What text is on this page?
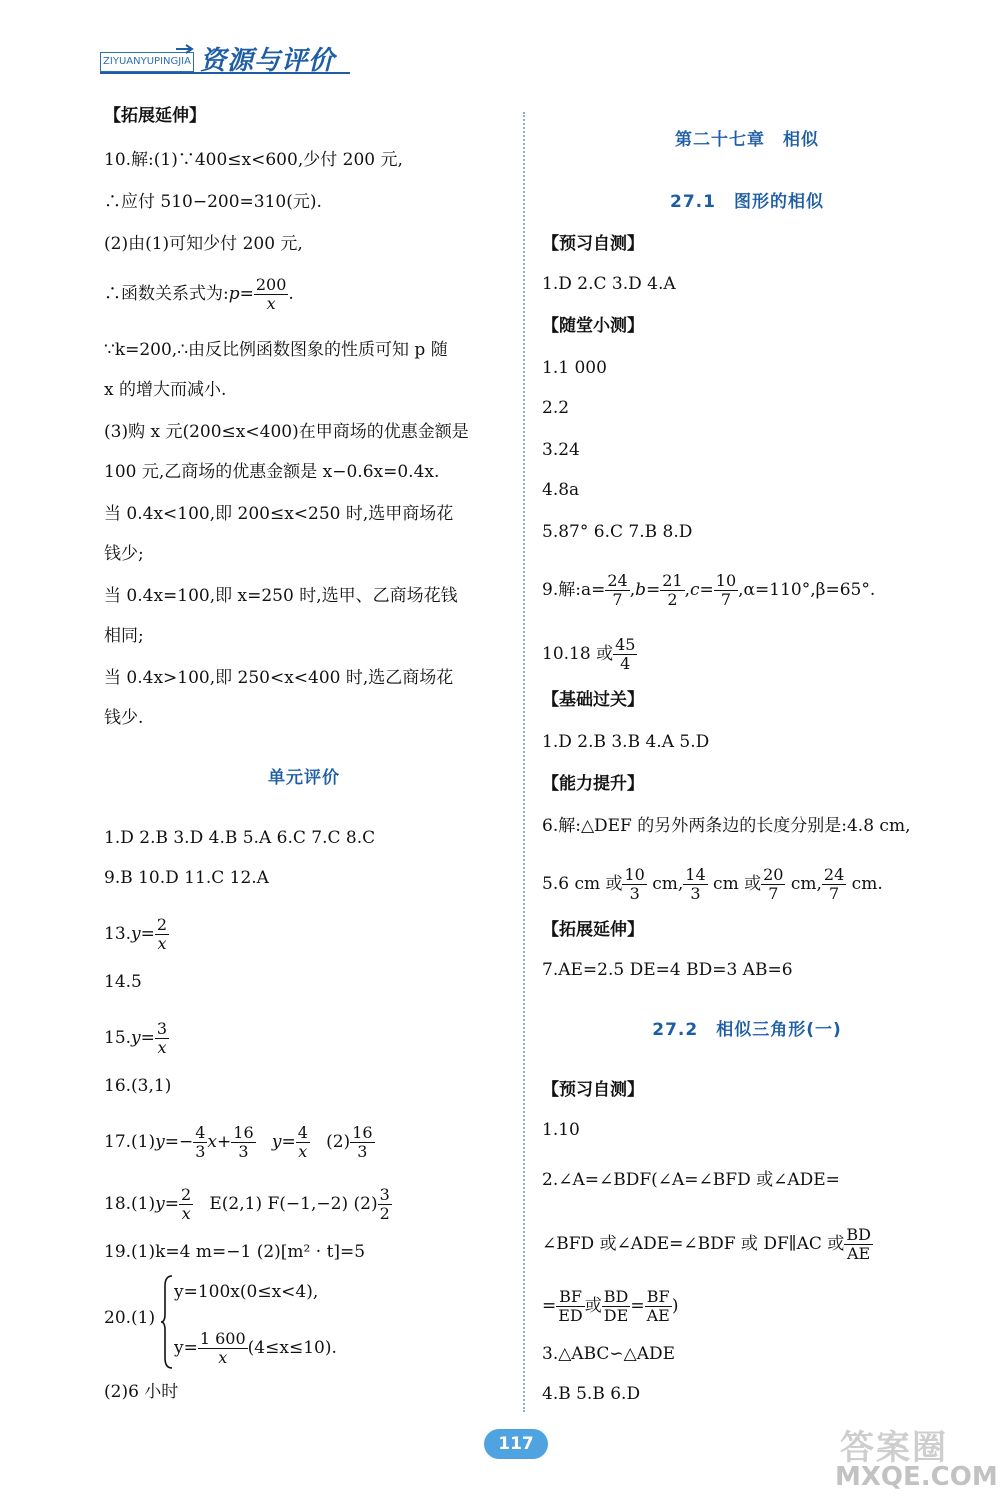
ZIYUANYUPINGJIA 资源与评价
【拓展延伸】
10.解:(1)∵400≤x<600,少付 200 元,
∴应付 510−200=310(元).
(2)由(1)可知少付 200 元,
∴函数关系式为:p= $\frac{200}{x}$ .
∵k=200,∴由反比例函数图象的性质可知 p 随
x 的增大而减小.
(3)购 x 元(200≤x<400)在甲商场的优惠金额是
100 元,乙商场的优惠金额是 x−0.6x=0.4x.
当 0.4x<100,即 200≤x<250 时,选甲商场花
钱少;
当 0.4x=100,即 x=250 时,选甲、乙商场花钱
相同;
当 0.4x>100,即 250<x<400 时,选乙商场花
钱少.
单元评价
1.D 2.B 3.D 4.B 5.A 6.C 7.C 8.C
9.B 10.D 11.C 12.A
$13.y= \frac{2}{x}$
14.5
$15.y= \frac{3}{x}$
16.(3,1)
$17.(1)y=- \frac{4}{3} x+ \frac{16}{3} y= \frac{4}{x} (2) \frac{16}{3}$
$18.(1)y= \frac{2}{x} E(2,1)$ F(−1,−2) $(2) \frac{3}{2}$
19.(1)k=4 m=−1 (2)[m² · t]=5
20.(1)
y=100x(0≤x<4),
$y= \frac{1 600}{x} (4\le x\le 10)$.
(2)6 小时
第二十七章　相似
27.1　图形的相似
【预习自测】
1.D 2.C 3.D 4.A
【随堂小测】
1.1 000
2.2
3.24
4.8a
5.87° 6.C 7.B 8.D
9.解:a= $\frac{24}{7} ,b= \frac{21}{2} ,c= \frac{10}{7} ,\alpha=110^\circ,\beta=65^\circ$.
10.18 或 $\frac{45}{4}$
【基础过关】
1.D 2.B 3.B 4.A 5.D
【能力提升】
6.解:△DEF 的另外两条边的长度分别是:4.8 cm,
5.6 cm 或 $\frac{10}{3}$ cm, $\frac{14}{3}$ cm 或 $\frac{20}{7}$ cm, $\frac{24}{7}$ cm.
【拓展延伸】
7.AE=2.5 DE=4 BD=3 AB=6
27.2　相似三角形(一)
【预习自测】
1.10
2.∠A=∠BDF(∠A=∠BFD 或∠ADE=
∠BFD 或∠ADE=∠BDF 或 DF∥AC 或 $\frac{BD}{AE}$
= $\frac{BF}{ED}$ 或 $\frac{BD}{DE} = \frac{BF}{AE}$ )
3.△ABC∽△ADE
4.B 5.B 6.D
117	答案圈
MXQE.COM
